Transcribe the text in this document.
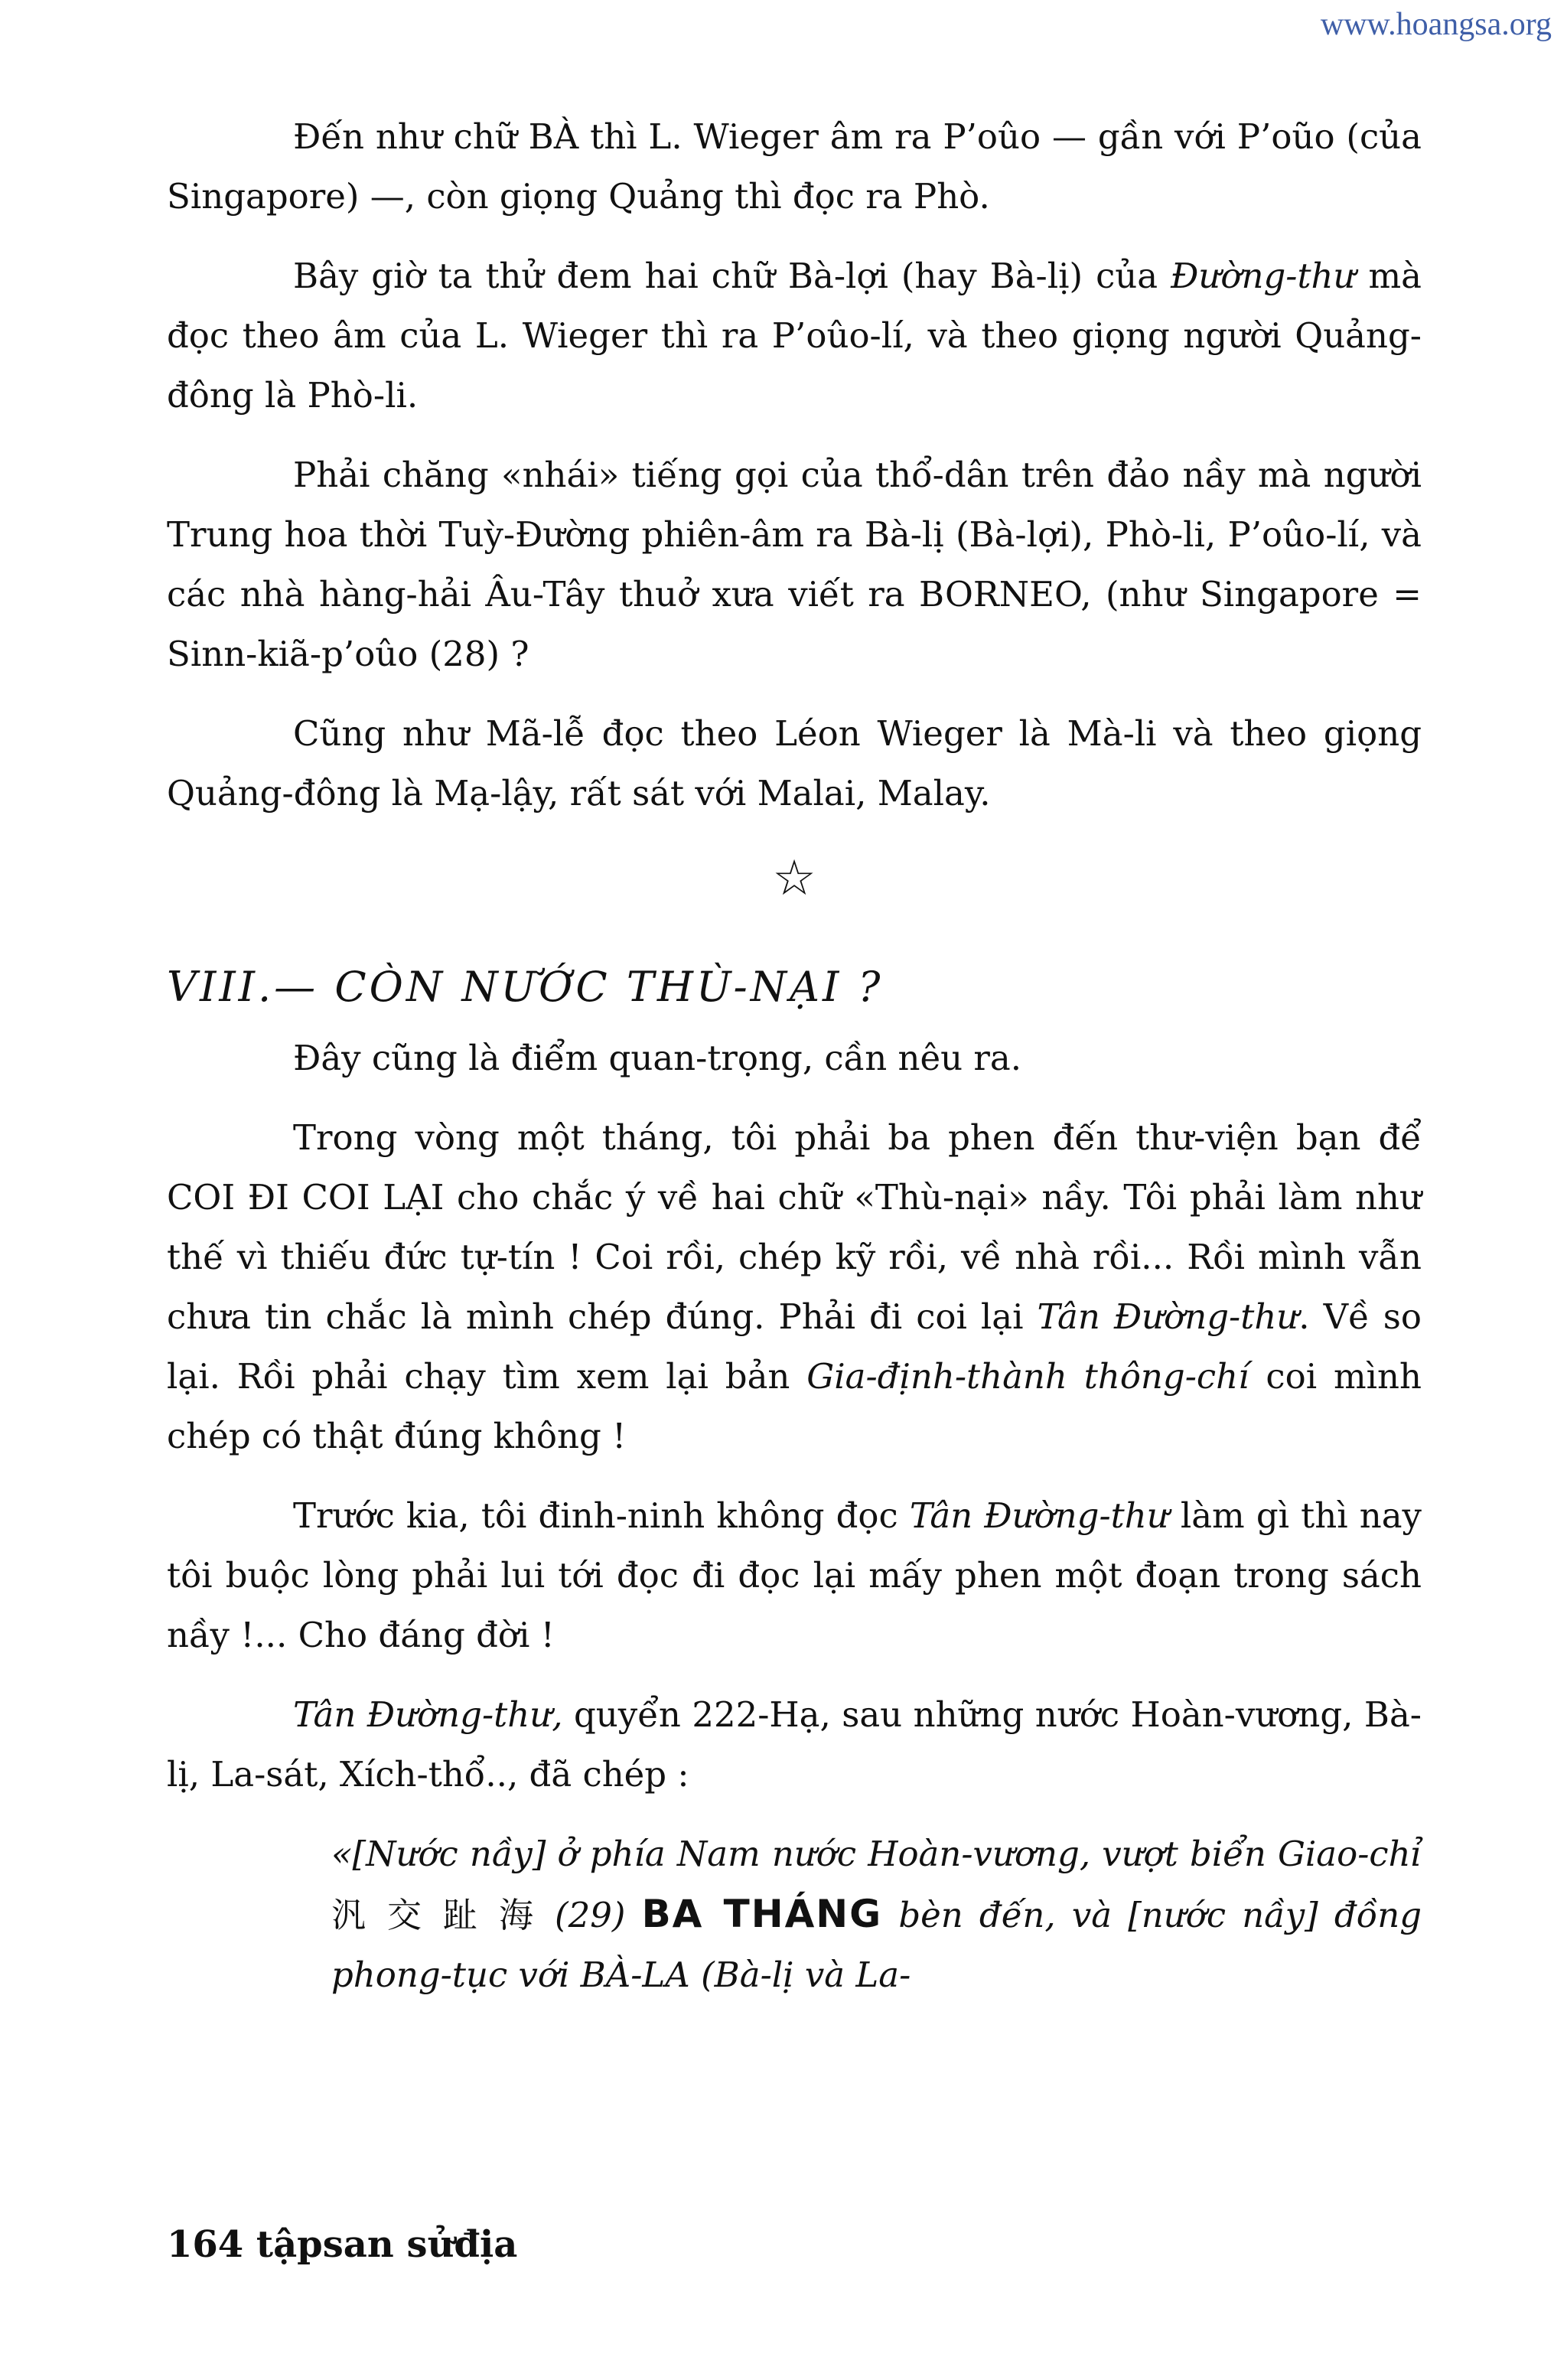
www.hoangsa.org

Đến như chữ BÀ thì L. Wieger âm ra P’oûo — gần với P’oũo (của Singapore) —, còn giọng Quảng thì đọc ra Phò.

Bây giờ ta thử đem hai chữ Bà-lợi (hay Bà-lị) của Đường-thư mà đọc theo âm của L. Wieger thì ra P’oûo-lí, và theo giọng người Quảng-đông là Phò-li.

Phải chăng «nhái» tiếng gọi của thổ-dân trên đảo nầy mà người Trung hoa thời Tuỳ-Đường phiên-âm ra Bà-lị (Bà-lợi), Phò-li, P’oûo-lí, và các nhà hàng-hải Âu-Tây thuở xưa viết ra BORNEO, (như Singapore = Sinn-kiã-p’oûo (28) ?

Cũng như Mã-lễ đọc theo Léon Wieger là Mà-li và theo giọng Quảng-đông là Mạ-lậy, rất sát với Malai, Malay.

☆
VIII.— CÒN NƯỚC THÙ-NẠI ?

Đây cũng là điểm quan-trọng, cần nêu ra.

Trong vòng một tháng, tôi phải ba phen đến thư-viện bạn để COI ĐI COI LẠI cho chắc ý về hai chữ «Thù-nại» nầy. Tôi phải làm như thế vì thiếu đức tự-tín ! Coi rồi, chép kỹ rồi, về nhà rồi... Rồi mình vẫn chưa tin chắc là mình chép đúng. Phải đi coi lại Tân Đường-thư. Về so lại. Rồi phải chạy tìm xem lại bản Gia-định-thành thông-chí coi mình chép có thật đúng không !

Trước kia, tôi đinh-ninh không đọc Tân Đường-thư làm gì thì nay tôi buộc lòng phải lui tới đọc đi đọc lại mấy phen một đoạn trong sách nầy !... Cho đáng đời !

Tân Đường-thư, quyển 222-Hạ, sau những nước Hoàn-vương, Bà-lị, La-sát, Xích-thổ.., đã chép :

«[Nước nầy] ở phía Nam nước Hoàn-vương, vượt biển Giao-chỉ 汎 交 趾 海 (29) BA THÁNG bèn đến, và [nước nầy] đồng phong-tục với BÀ-LA (Bà-lị và La-

164 tậpsan sửđịa
